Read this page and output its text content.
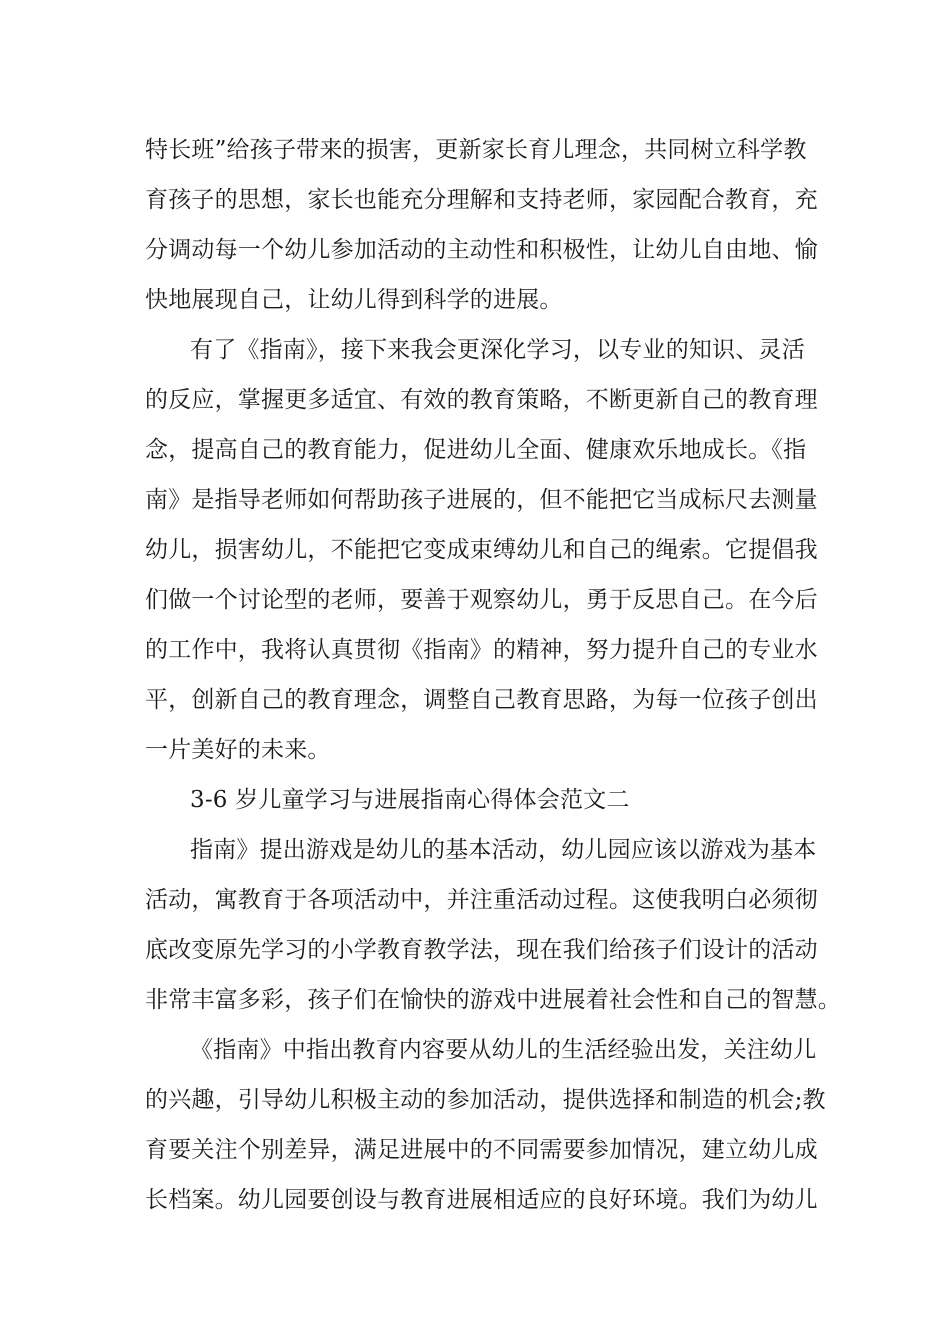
特长班”给孩子带来的损害，更新家长育儿理念，共同树立科学教

育孩子的思想，家长也能充分理解和支持老师，家园配合教育，充

分调动每一个幼儿参加活动的主动性和积极性，让幼儿自由地、愉

快地展现自己，让幼儿得到科学的进展。

有了《指南》，接下来我会更深化学习，以专业的知识、灵活

的反应，掌握更多适宜、有效的教育策略，不断更新自己的教育理

念，提高自己的教育能力，促进幼儿全面、健康欢乐地成长。《指

南》是指导老师如何帮助孩子进展的，但不能把它当成标尺去测量

幼儿，损害幼儿，不能把它变成束缚幼儿和自己的绳索。它提倡我

们做一个讨论型的老师，要善于观察幼儿，勇于反思自己。在今后

的工作中，我将认真贯彻《指南》的精神，努力提升自己的专业水

平，创新自己的教育理念，调整自己教育思路，为每一位孩子创出

一片美好的未来。

3-6 岁儿童学习与进展指南心得体会范文二

指南》提出游戏是幼儿的基本活动，幼儿园应该以游戏为基本

活动，寓教育于各项活动中，并注重活动过程。这使我明白必须彻

底改变原先学习的小学教育教学法，现在我们给孩子们设计的活动

非常丰富多彩，孩子们在愉快的游戏中进展着社会性和自己的智慧。

《指南》中指出教育内容要从幼儿的生活经验出发，关注幼儿

的兴趣，引导幼儿积极主动的参加活动，提供选择和制造的机会;教

育要关注个别差异，满足进展中的不同需要参加情况，建立幼儿成

长档案。幼儿园要创设与教育进展相适应的良好环境。我们为幼儿
